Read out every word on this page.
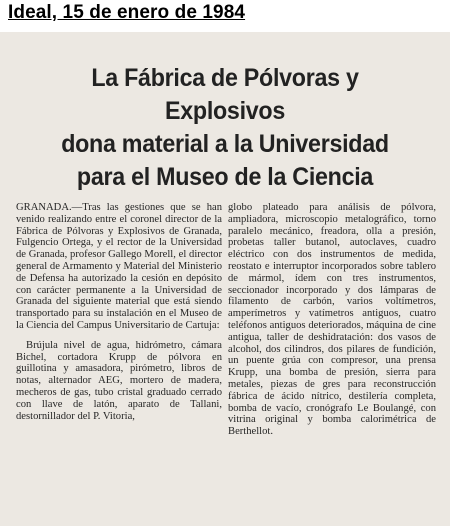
Ideal, 15 de enero de 1984
La Fábrica de Pólvoras y Explosivos
dona material a la Universidad
para el Museo de la Ciencia

GRANADA.—Tras las gestiones que se han venido realizando entre el coronel director de la Fábrica de Pólvoras y Explosivos de Granada, Fulgencio Ortega, y el rector de la Universidad de Granada, profesor Gallego Morell, el director general de Armamento y Material del Ministerio de Defensa ha autorizado la cesión en depósito con carácter permanente a la Universidad de Granada del siguiente material que está siendo transportado para su instalación en el Museo de la Ciencia del Campus Universitario de Cartuja:

Brújula nivel de agua, hidrómetro, cámara Bichel, cortadora Krupp de pólvora en guillotina y amasadora, pirómetro, libros de notas, alternador AEG, mortero de madera, mecheros de gas, tubo cristal graduado cerrado con llave de latón, aparato de Tallani, destornillador del P. Vitoria,

globo plateado para análisis de pólvora, ampliadora, microscopio metalográfico, torno paralelo mecánico, freadora, olla a presión, probetas taller butanol, autoclaves, cuadro eléctrico con dos instrumentos de medida, reostato e interruptor incorporados sobre tablero de mármol, ídem con tres instrumentos, seccionador incorporado y dos lámparas de filamento de carbón, varios voltímetros, amperímetros y vatímetros antiguos, cuatro teléfonos antiguos deteriorados, máquina de cine antigua, taller de deshidratación: dos vasos de alcohol, dos cilindros, dos pilares de fundición, un puente grúa con compresor, una prensa Krupp, una bomba de presión, sierra para metales, piezas de gres para reconstrucción fábrica de ácido nítrico, destilería completa, bomba de vacío, cronógrafo Le Boulangé, con vitrina original y bomba calorimétrica de Berthellot.
